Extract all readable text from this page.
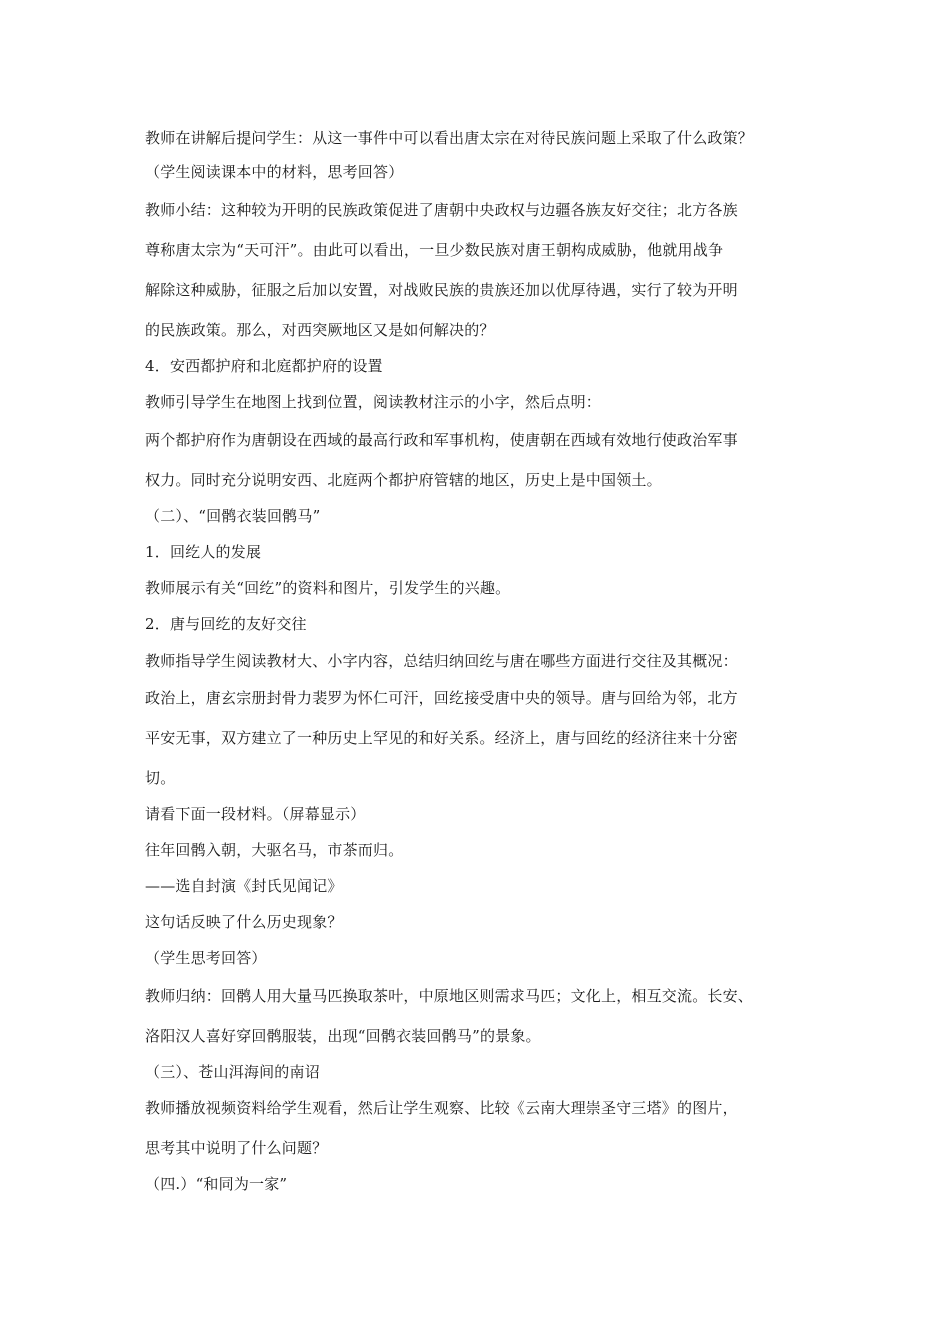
教师在讲解后提问学生：从这一事件中可以看出唐太宗在对待民族问题上采取了什么政策？
（学生阅读课本中的材料，思考回答）
教师小结：这种较为开明的民族政策促进了唐朝中央政权与边疆各族友好交往；北方各族
尊称唐太宗为“天可汗”。由此可以看出，一旦少数民族对唐王朝构成威胁，他就用战争
解除这种威胁，征服之后加以安置，对战败民族的贵族还加以优厚待遇，实行了较为开明
的民族政策。那么，对西突厥地区又是如何解决的？
4．安西都护府和北庭都护府的设置
教师引导学生在地图上找到位置，阅读教材注示的小字，然后点明：
两个都护府作为唐朝设在西域的最高行政和军事机构，使唐朝在西域有效地行使政治军事
权力。同时充分说明安西、北庭两个都护府管辖的地区，历史上是中国领土。
（二）、“回鹘衣装回鹘马”
1．回纥人的发展
教师展示有关“回纥”的资料和图片，引发学生的兴趣。
2．唐与回纥的友好交往
教师指导学生阅读教材大、小字内容，总结归纳回纥与唐在哪些方面进行交往及其概况：
政治上，唐玄宗册封骨力裴罗为怀仁可汗，回纥接受唐中央的领导。唐与回给为邻，北方
平安无事，双方建立了一种历史上罕见的和好关系。经济上，唐与回纥的经济往来十分密
切。
请看下面一段材料。（屏幕显示）
往年回鹘入朝，大驱名马，市茶而归。
——选自封演《封氏见闻记》
这句话反映了什么历史现象？
（学生思考回答）
教师归纳：回鹘人用大量马匹换取茶叶，中原地区则需求马匹；文化上，相互交流。长安、
洛阳汉人喜好穿回鹘服装，出现“回鹘衣装回鹘马”的景象。
（三）、苍山洱海间的南诏
教师播放视频资料给学生观看，然后让学生观察、比较《云南大理崇圣守三塔》的图片，
思考其中说明了什么问题？
（四.）“和同为一家”
